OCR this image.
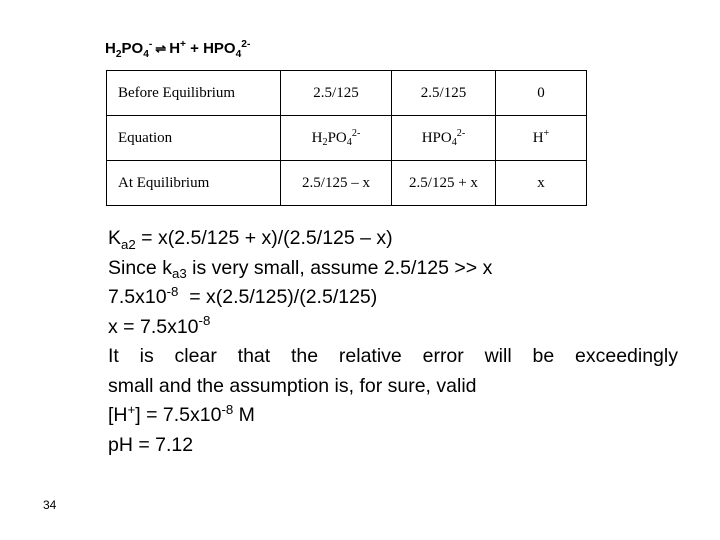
$H_2PO_4^-$ ⇌ $H^+ + HPO_4^{2-}$
Before Equilibrium	2.5/125	2.5/125	0
Equation	$H_2PO_4^{2-}$	$HPO_4^{2-}$	H+
At Equilibrium	2.5/125 – x	2.5/125 + x	x
$K_{a2} = x(2.5/125 + x)/(2.5/125 - x)$
Since $k_{a3}$ is very small, assume 2.5/125 >> x
$7.5x10^{-8} = x(2.5/125)/(2.5/125)$
$x = 7.5x10^{-8}$
It is clear that the relative error will be exceedingly
small and the assumption is, for sure, valid
$[H^+] = 7.5x10^{-8}$ M
pH = 7.12
34
